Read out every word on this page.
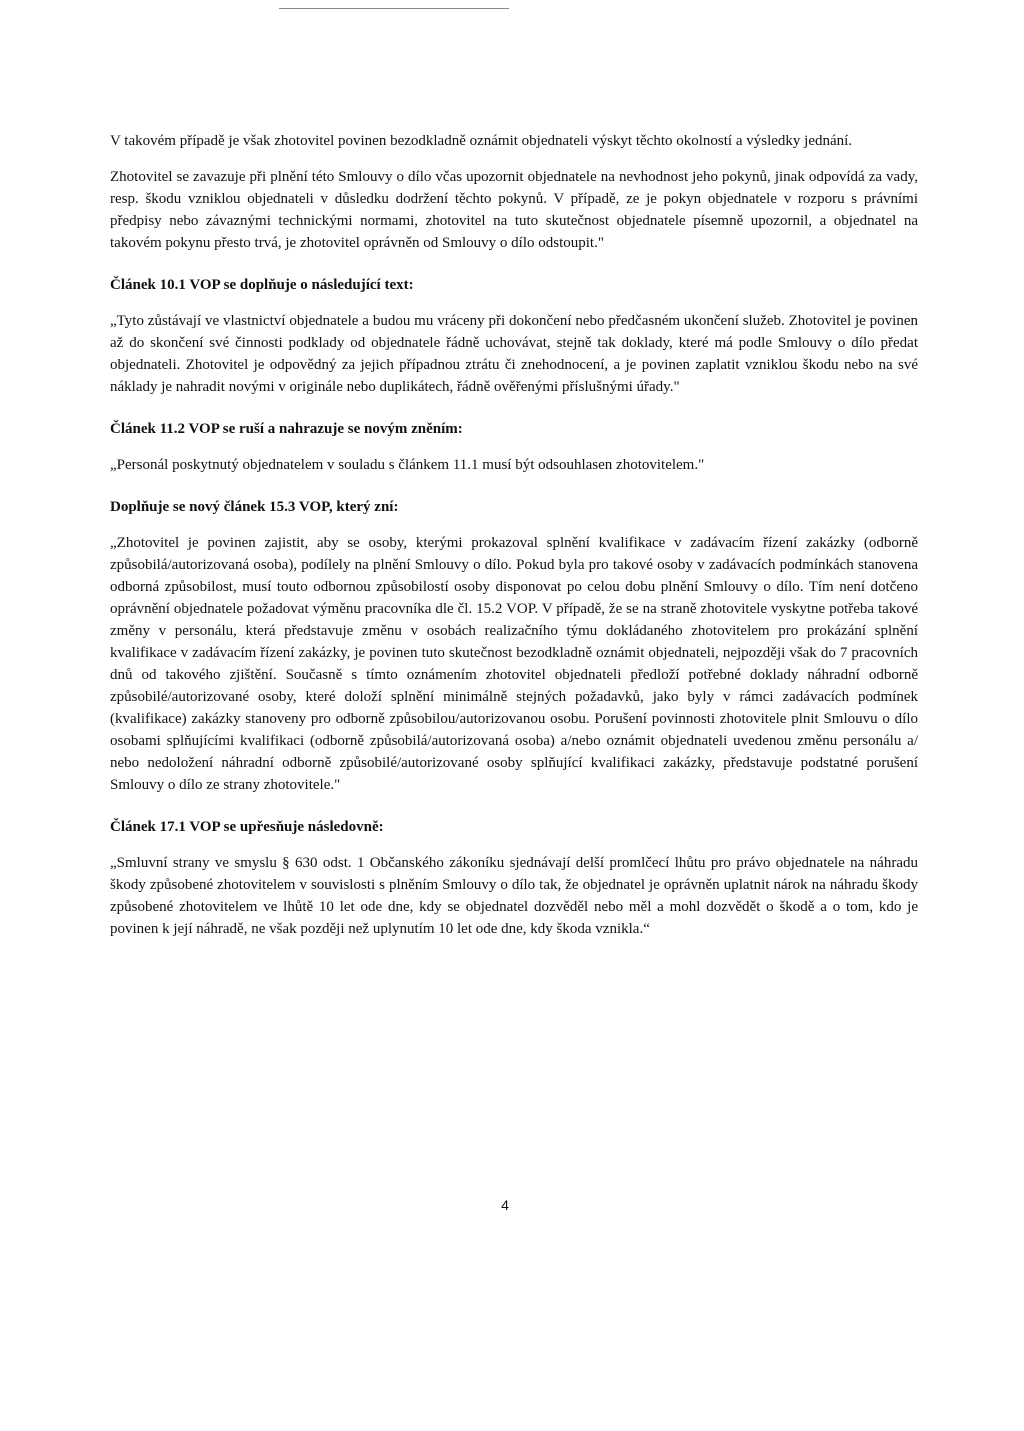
V takovém případě je však zhotovitel povinen bezodkladně oznámit objednateli výskyt těchto okolností a výsledky jednání.

Zhotovitel se zavazuje při plnění této Smlouvy o dílo včas upozornit objednatele na nevhodnost jeho pokynů, jinak odpovídá za vady, resp. škodu vzniklou objednateli v důsledku dodržení těchto pokynů. V případě, ze je pokyn objednatele v rozporu s právními předpisy nebo závaznými technickými normami, zhotovitel na tuto skutečnost objednatele písemně upozornil, a objednatel na takovém pokynu přesto trvá, je zhotovitel oprávněn od Smlouvy o dílo odstoupit."

Článek 10.1 VOP se doplňuje o následující text:

„Tyto zůstávají ve vlastnictví objednatele a budou mu vráceny při dokončení nebo předčasném ukončení služeb. Zhotovitel je povinen až do skončení své činnosti podklady od objednatele řádně uchovávat, stejně tak doklady, které má podle Smlouvy o dílo předat objednateli. Zhotovitel je odpovědný za jejich případnou ztrátu či znehodnocení, a je povinen zaplatit vzniklou škodu nebo na své náklady je nahradit novými v originále nebo duplikátech, řádně ověřenými příslušnými úřady."

Článek 11.2 VOP se ruší a nahrazuje se novým zněním:

„Personál poskytnutý objednatelem v souladu s článkem 11.1 musí být odsouhlasen zhotovitelem."

Doplňuje se nový článek 15.3 VOP, který zní:

„Zhotovitel je povinen zajistit, aby se osoby, kterými prokazoval splnění kvalifikace v zadávacím řízení zakázky (odborně způsobilá/autorizovaná osoba), podílely na plnění Smlouvy o dílo. Pokud byla pro takové osoby v zadávacích podmínkách stanovena odborná způsobilost, musí touto odbornou způsobilostí osoby disponovat po celou dobu plnění Smlouvy o dílo. Tím není dotčeno oprávnění objednatele požadovat výměnu pracovníka dle čl. 15.2 VOP. V případě, že se na straně zhotovitele vyskytne potřeba takové změny v personálu, která představuje změnu v osobách realizačního týmu dokládaného zhotovitelem pro prokázání splnění kvalifikace v zadávacím řízení zakázky, je povinen tuto skutečnost bezodkladně oznámit objednateli, nejpozději však do 7 pracovních dnů od takového zjištění. Současně s tímto oznámením zhotovitel objednateli předloží potřebné doklady náhradní odborně způsobilé/autorizované osoby, které doloží splnění minimálně stejných požadavků, jako byly v rámci zadávacích podmínek (kvalifikace) zakázky stanoveny pro odborně způsobilou/autorizovanou osobu. Porušení povinnosti zhotovitele plnit Smlouvu o dílo osobami splňujícími kvalifikaci (odborně způsobilá/autorizovaná osoba) a/nebo oznámit objednateli uvedenou změnu personálu a/ nebo nedoložení náhradní odborně způsobilé/autorizované osoby splňující kvalifikaci zakázky, představuje podstatné porušení Smlouvy o dílo ze strany zhotovitele."

Článek 17.1 VOP se upřesňuje následovně:

„Smluvní strany ve smyslu § 630 odst. 1 Občanského zákoníku sjednávají delší promlčecí lhůtu pro právo objednatele na náhradu škody způsobené zhotovitelem v souvislosti s plněním Smlouvy o dílo tak, že objednatel je oprávněn uplatnit nárok na náhradu škody způsobené zhotovitelem ve lhůtě 10 let ode dne, kdy se objednatel dozvěděl nebo měl a mohl dozvědět o škodě a o tom, kdo je povinen k její náhradě, ne však později než uplynutím 10 let ode dne, kdy škoda vznikla.“

4
